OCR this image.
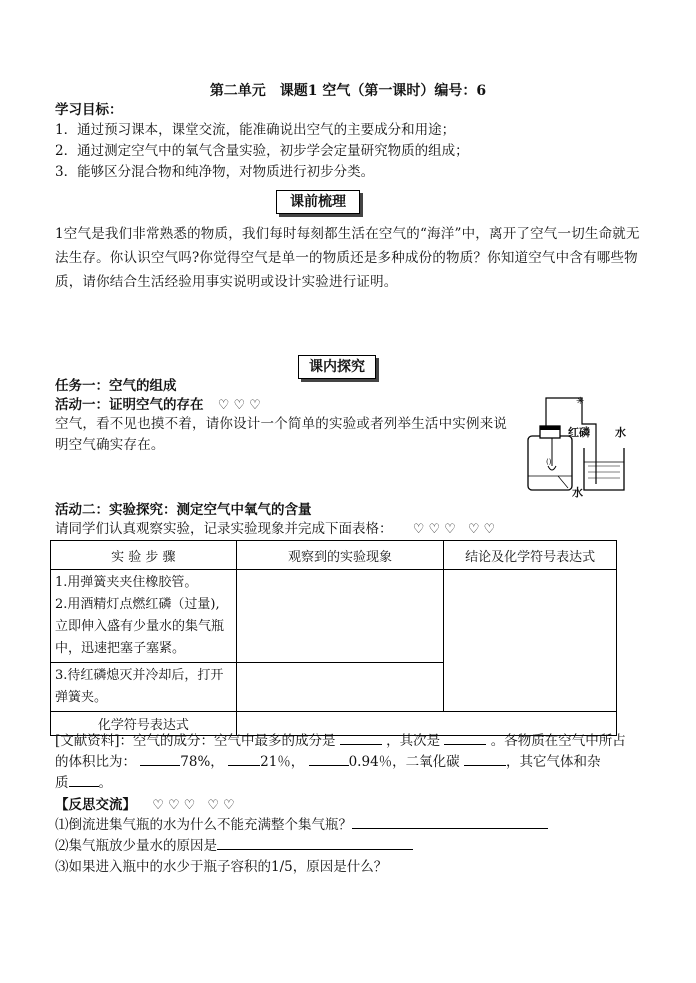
第二单元　课题1 空气（第一课时）编号：6
学习目标：
1．通过预习课本，课堂交流，能准确说出空气的主要成分和用途；
2．通过测定空气中的氧气含量实验，初步学会定量研究物质的组成；
3．能够区分混合物和纯净物，对物质进行初步分类。
课前梳理
1空气是我们非常熟悉的物质，我们每时每刻都生活在空气的“海洋”中，离开了空气一切生命就无法生存。你认识空气吗?你觉得空气是单一的物质还是多种成份的物质？你知道空气中含有哪些物质，请你结合生活经验用事实说明或设计实验进行证明。
课内探究
任务一：空气的组成
活动一：证明空气的存在 ♡♡♡
空气，看不见也摸不着，请你设计一个简单的实验或者列举生活中实例来说明空气确实存在。
()
✳
红磷 水
水
活动二：实验探究：测定空气中氧气的含量
请同学们认真观察实验，记录实验现象并完成下面表格： ♡♡♡ ♡♡
实 验 步 骤	观察到的实验现象	结论及化学符号表达式

1.用弹簧夹夹住橡胶管。
2.用酒精灯点燃红磷（过量),立即伸入盛有少量水的集气瓶中，迅速把塞子塞紧。		

3.待红磷熄灭并冷却后，打开弹簧夹。		

化学符号表达式		
[文献资料]：空气的成分：空气中最多的成分是	，其次是	。各物质在空气中所占
的体积比为：	78%，	21％，	0.94％，二氧化碳	，其它气体和杂
质 。
【反思交流】 ♡♡♡ ♡♡
⑴倒流进集气瓶的水为什么不能充满整个集气瓶？
⑵集气瓶放少量水的原因是
⑶如果进入瓶中的水少于瓶子容积的1/5，原因是什么？
